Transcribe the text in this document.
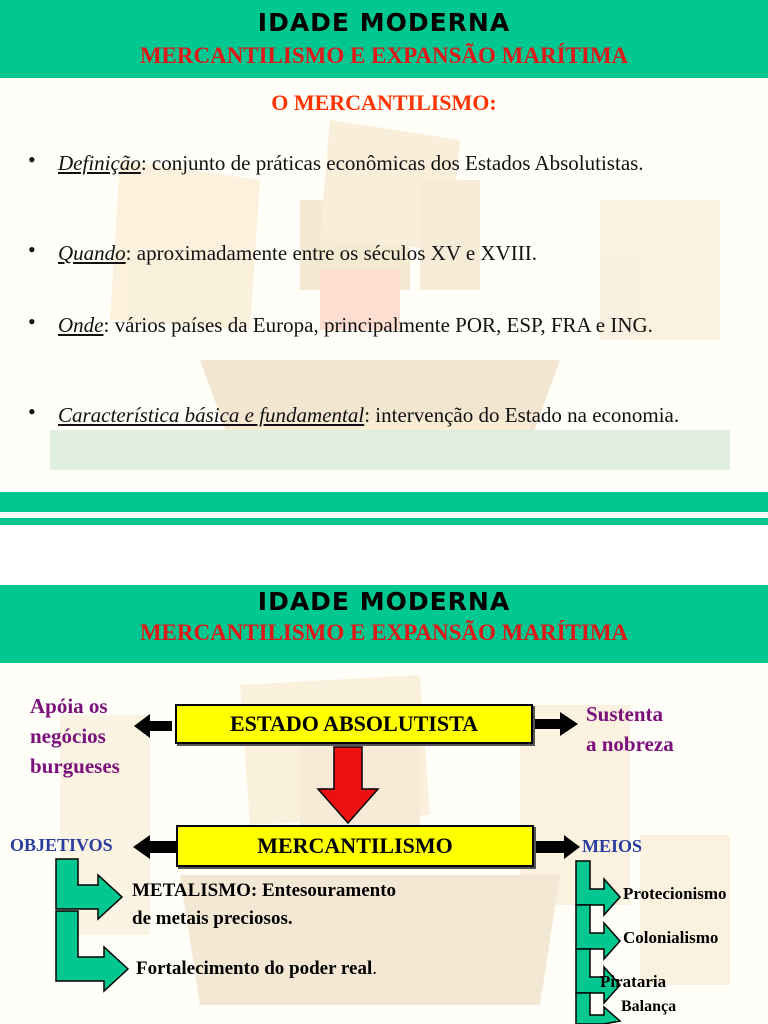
IDADE MODERNA
MERCANTILISMO E EXPANSÃO MARÍTIMA
O MERCANTILISMO:
• Definição: conjunto de práticas econômicas dos Estados Absolutistas.
• Quando: aproximadamente entre os séculos XV e XVIII.
• Onde: vários países da Europa, principalmente POR, ESP, FRA e ING.
• Característica básica e fundamental: intervenção do Estado na economia.
IDADE MODERNA
MERCANTILISMO E EXPANSÃO MARÍTIMA
Apóia os
negócios
burgueses
Sustenta
a nobreza
ESTADO ABSOLUTISTA
MERCANTILISMO
OBJETIVOS	MEIOS
METALISMO: Entesouramento
de metais preciosos.
Fortalecimento do poder real.
Protecionismo
Colonialismo
Pirataria
Balança
